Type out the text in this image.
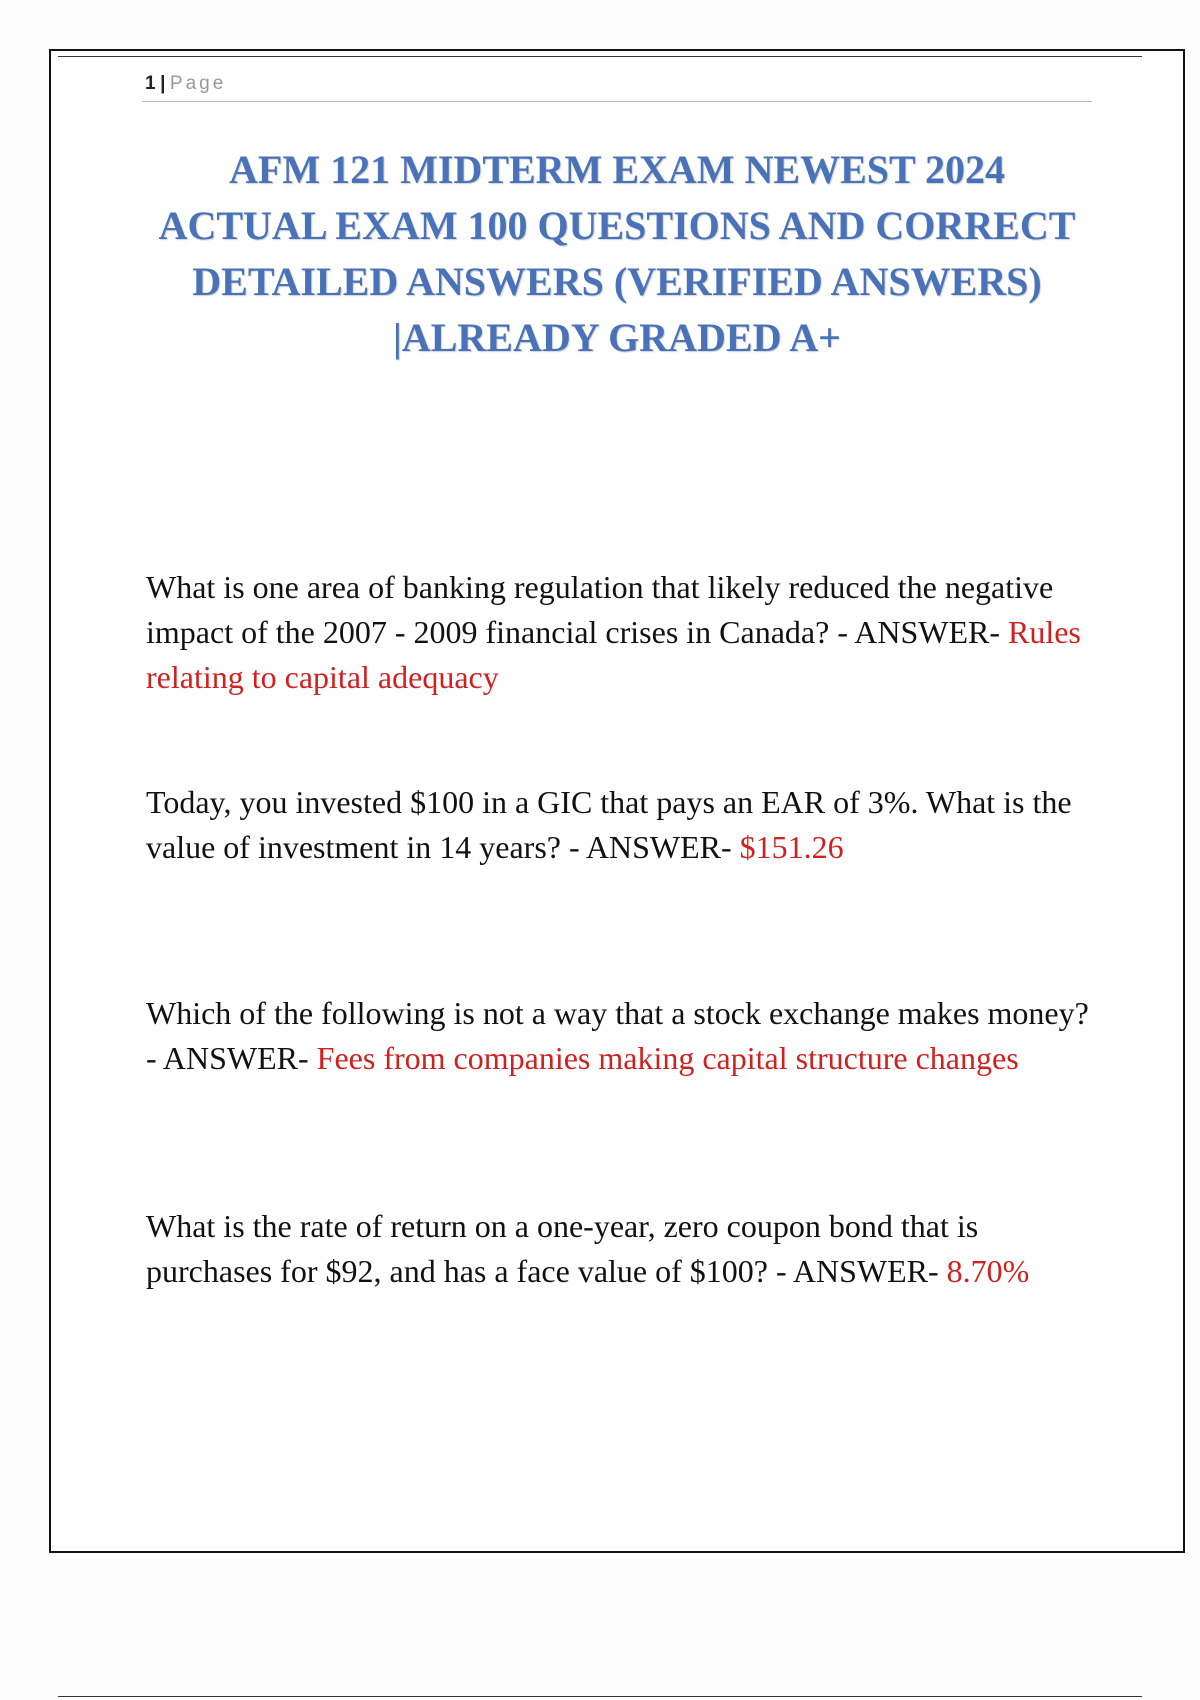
1 | Page
AFM 121 MIDTERM EXAM NEWEST 2024 ACTUAL EXAM 100 QUESTIONS AND CORRECT DETAILED ANSWERS (VERIFIED ANSWERS) |ALREADY GRADED A+

What is one area of banking regulation that likely reduced the negative impact of the 2007 - 2009 financial crises in Canada? - ANSWER- Rules relating to capital adequacy

Today, you invested $100 in a GIC that pays an EAR of 3%. What is the value of investment in 14 years? - ANSWER- $151.26

Which of the following is not a way that a stock exchange makes money? - ANSWER- Fees from companies making capital structure changes

What is the rate of return on a one-year, zero coupon bond that is purchases for $92, and has a face value of $100? - ANSWER- 8.70%
